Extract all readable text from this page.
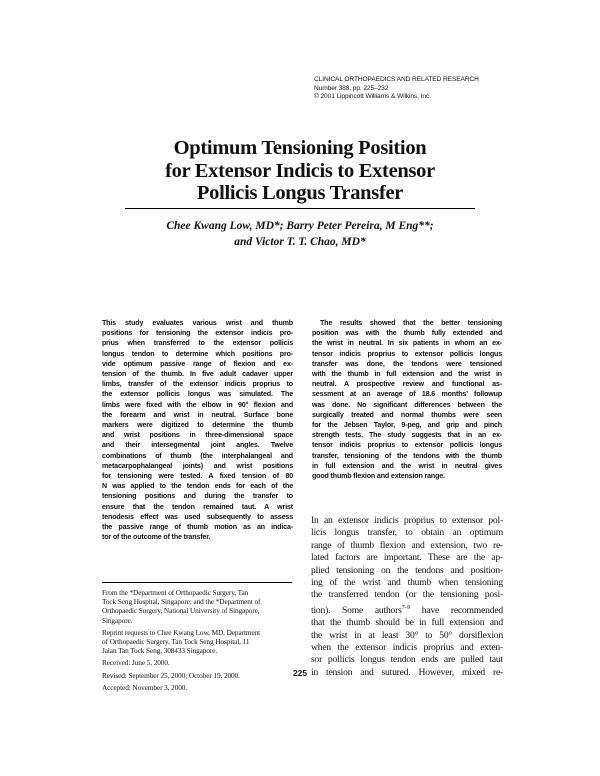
CLINICAL ORTHOPAEDICS AND RELATED RESEARCH
Number 388, pp. 225–232
© 2001 Lippincott Williams & Wilkins, Inc.
Optimum Tensioning Position
for Extensor Indicis to Extensor
Pollicis Longus Transfer
Chee Kwang Low, MD*; Barry Peter Pereira, M Eng**;
and Victor T. T. Chao, MD*
This study evaluates various wrist and thumb
positions for tensioning the extensor indicis pro-
prius when transferred to the extensor pollicis
longus tendon to determine which positions pro-
vide optimum passive range of flexion and ex-
tension of the thumb. In five adult cadaver upper
limbs, transfer of the extensor indicis proprius to
the extensor pollicis longus was simulated. The
limbs were fixed with the elbow in 90° flexion and
the forearm and wrist in neutral. Surface bone
markers were digitized to determine the thumb
and wrist positions in three-dimensional space
and their intersegmental joint angles. Twelve
combinations of thumb (the interphalangeal and
metacarpophalangeal joints) and wrist positions
for tensioning were tested. A fixed tension of 80
N was applied to the tendon ends for each of the
tensioning positions and during the transfer to
ensure that the tendon remained taut. A wrist
tenodesis effect was used subsequently to assess
the passive range of thumb motion as an indica-
tor of the outcome of the transfer.
The results showed that the better tensioning
position was with the thumb fully extended and
the wrist in neutral. In six patients in whom an ex-
tensor indicis proprius to extensor pollicis longus
transfer was done, the tendons were tensioned
with the thumb in full extension and the wrist in
neutral. A prospective review and functional as-
sessment at an average of 18.6 months’ followup
was done. No significant differences between the
surgically treated and normal thumbs were seen
for the Jebsen Taylor, 9-peg, and grip and pinch
strength tests. The study suggests that in an ex-
tensor indicis proprius to extensor pollicis longus
transfer, tensioning of the tendons with the thumb
in full extension and the wrist in neutral gives
good thumb flexion and extension range.
In an extensor indicis proprius to extensor pol-
licis longus transfer, to obtain an optimum
range of thumb flexion and extension, two re-
lated factors are important. These are the ap-
plied tensioning on the tendons and position-
ing of the wrist and thumb when tensioning
the transferred tendon (or the tensioning posi-
tion). Some authors$^{7-9}$ have recommended
that the thumb should be in full extension and
the wrist in at least 30° to 50° dorsiflexion
when the extensor indicis proprius and exten-
sor pollicis longus tendon ends are pulled taut
in tension and sutured. However, mixed re-
From the *Department of Orthopaedic Surgery, Tan
Tock Seng Hospital, Singapore; and the *Department of
Orthopaedic Surgery, National University of Singapore,
Singapore.
Reprint requests to Chee Kwang Low, MD, Department
of Orthopaedic Surgery, Tan Tock Seng Hospital, 11
Jalan Tan Tock Seng, 308433 Singapore.
Received: June 5, 2000.
Revised: September 25, 2000; October 19, 2000.
Accepted: November 3, 2000.
225
